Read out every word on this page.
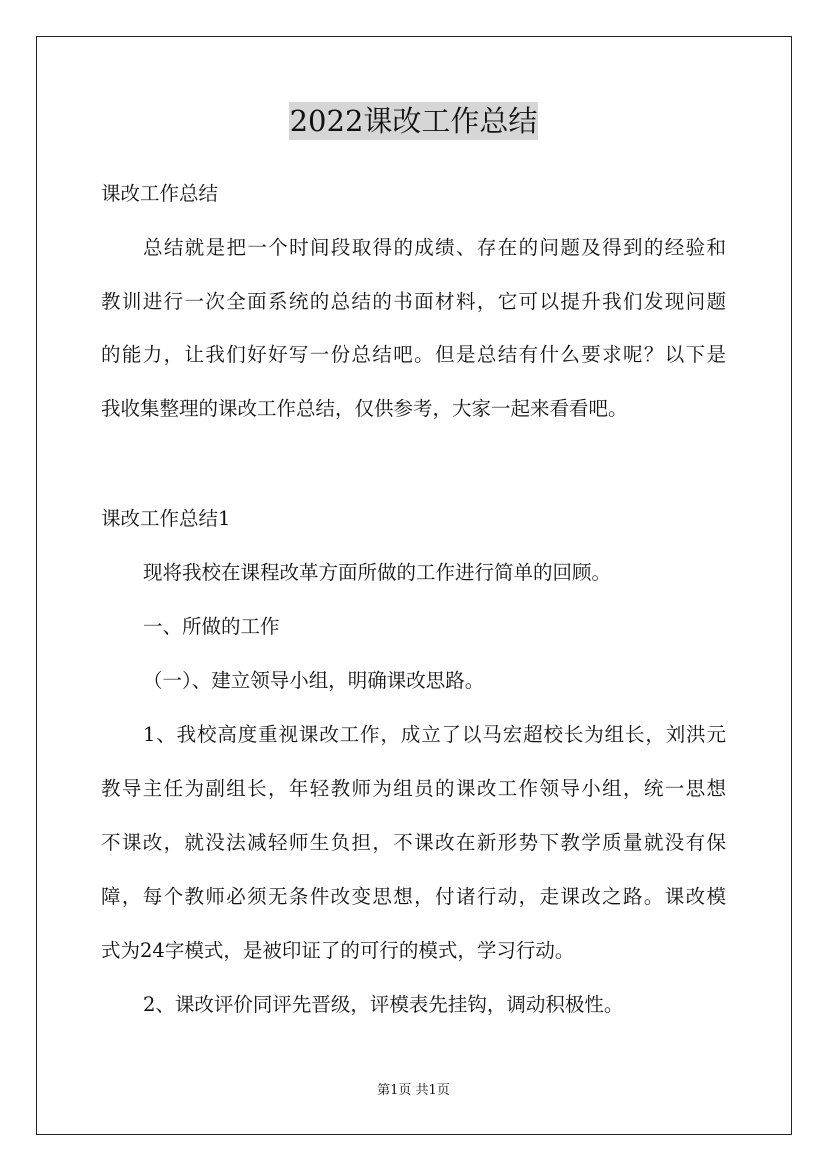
2022课改工作总结
课改工作总结
总结就是把一个时间段取得的成绩、存在的问题及得到的经验和
教训进行一次全面系统的总结的书面材料，它可以提升我们发现问题
的能力，让我们好好写一份总结吧。但是总结有什么要求呢？以下是
我收集整理的课改工作总结，仅供参考，大家一起来看看吧。
课改工作总结1
现将我校在课程改革方面所做的工作进行简单的回顾。
一、所做的工作
（一）、建立领导小组，明确课改思路。
1、我校高度重视课改工作，成立了以马宏超校长为组长，刘洪元
教导主任为副组长，年轻教师为组员的课改工作领导小组，统一思想
不课改，就没法减轻师生负担，不课改在新形势下教学质量就没有保
障，每个教师必须无条件改变思想，付诸行动，走课改之路。课改模
式为24字模式，是被印证了的可行的模式，学习行动。
2、课改评价同评先晋级，评模表先挂钩，调动积极性。
第1页 共1页
